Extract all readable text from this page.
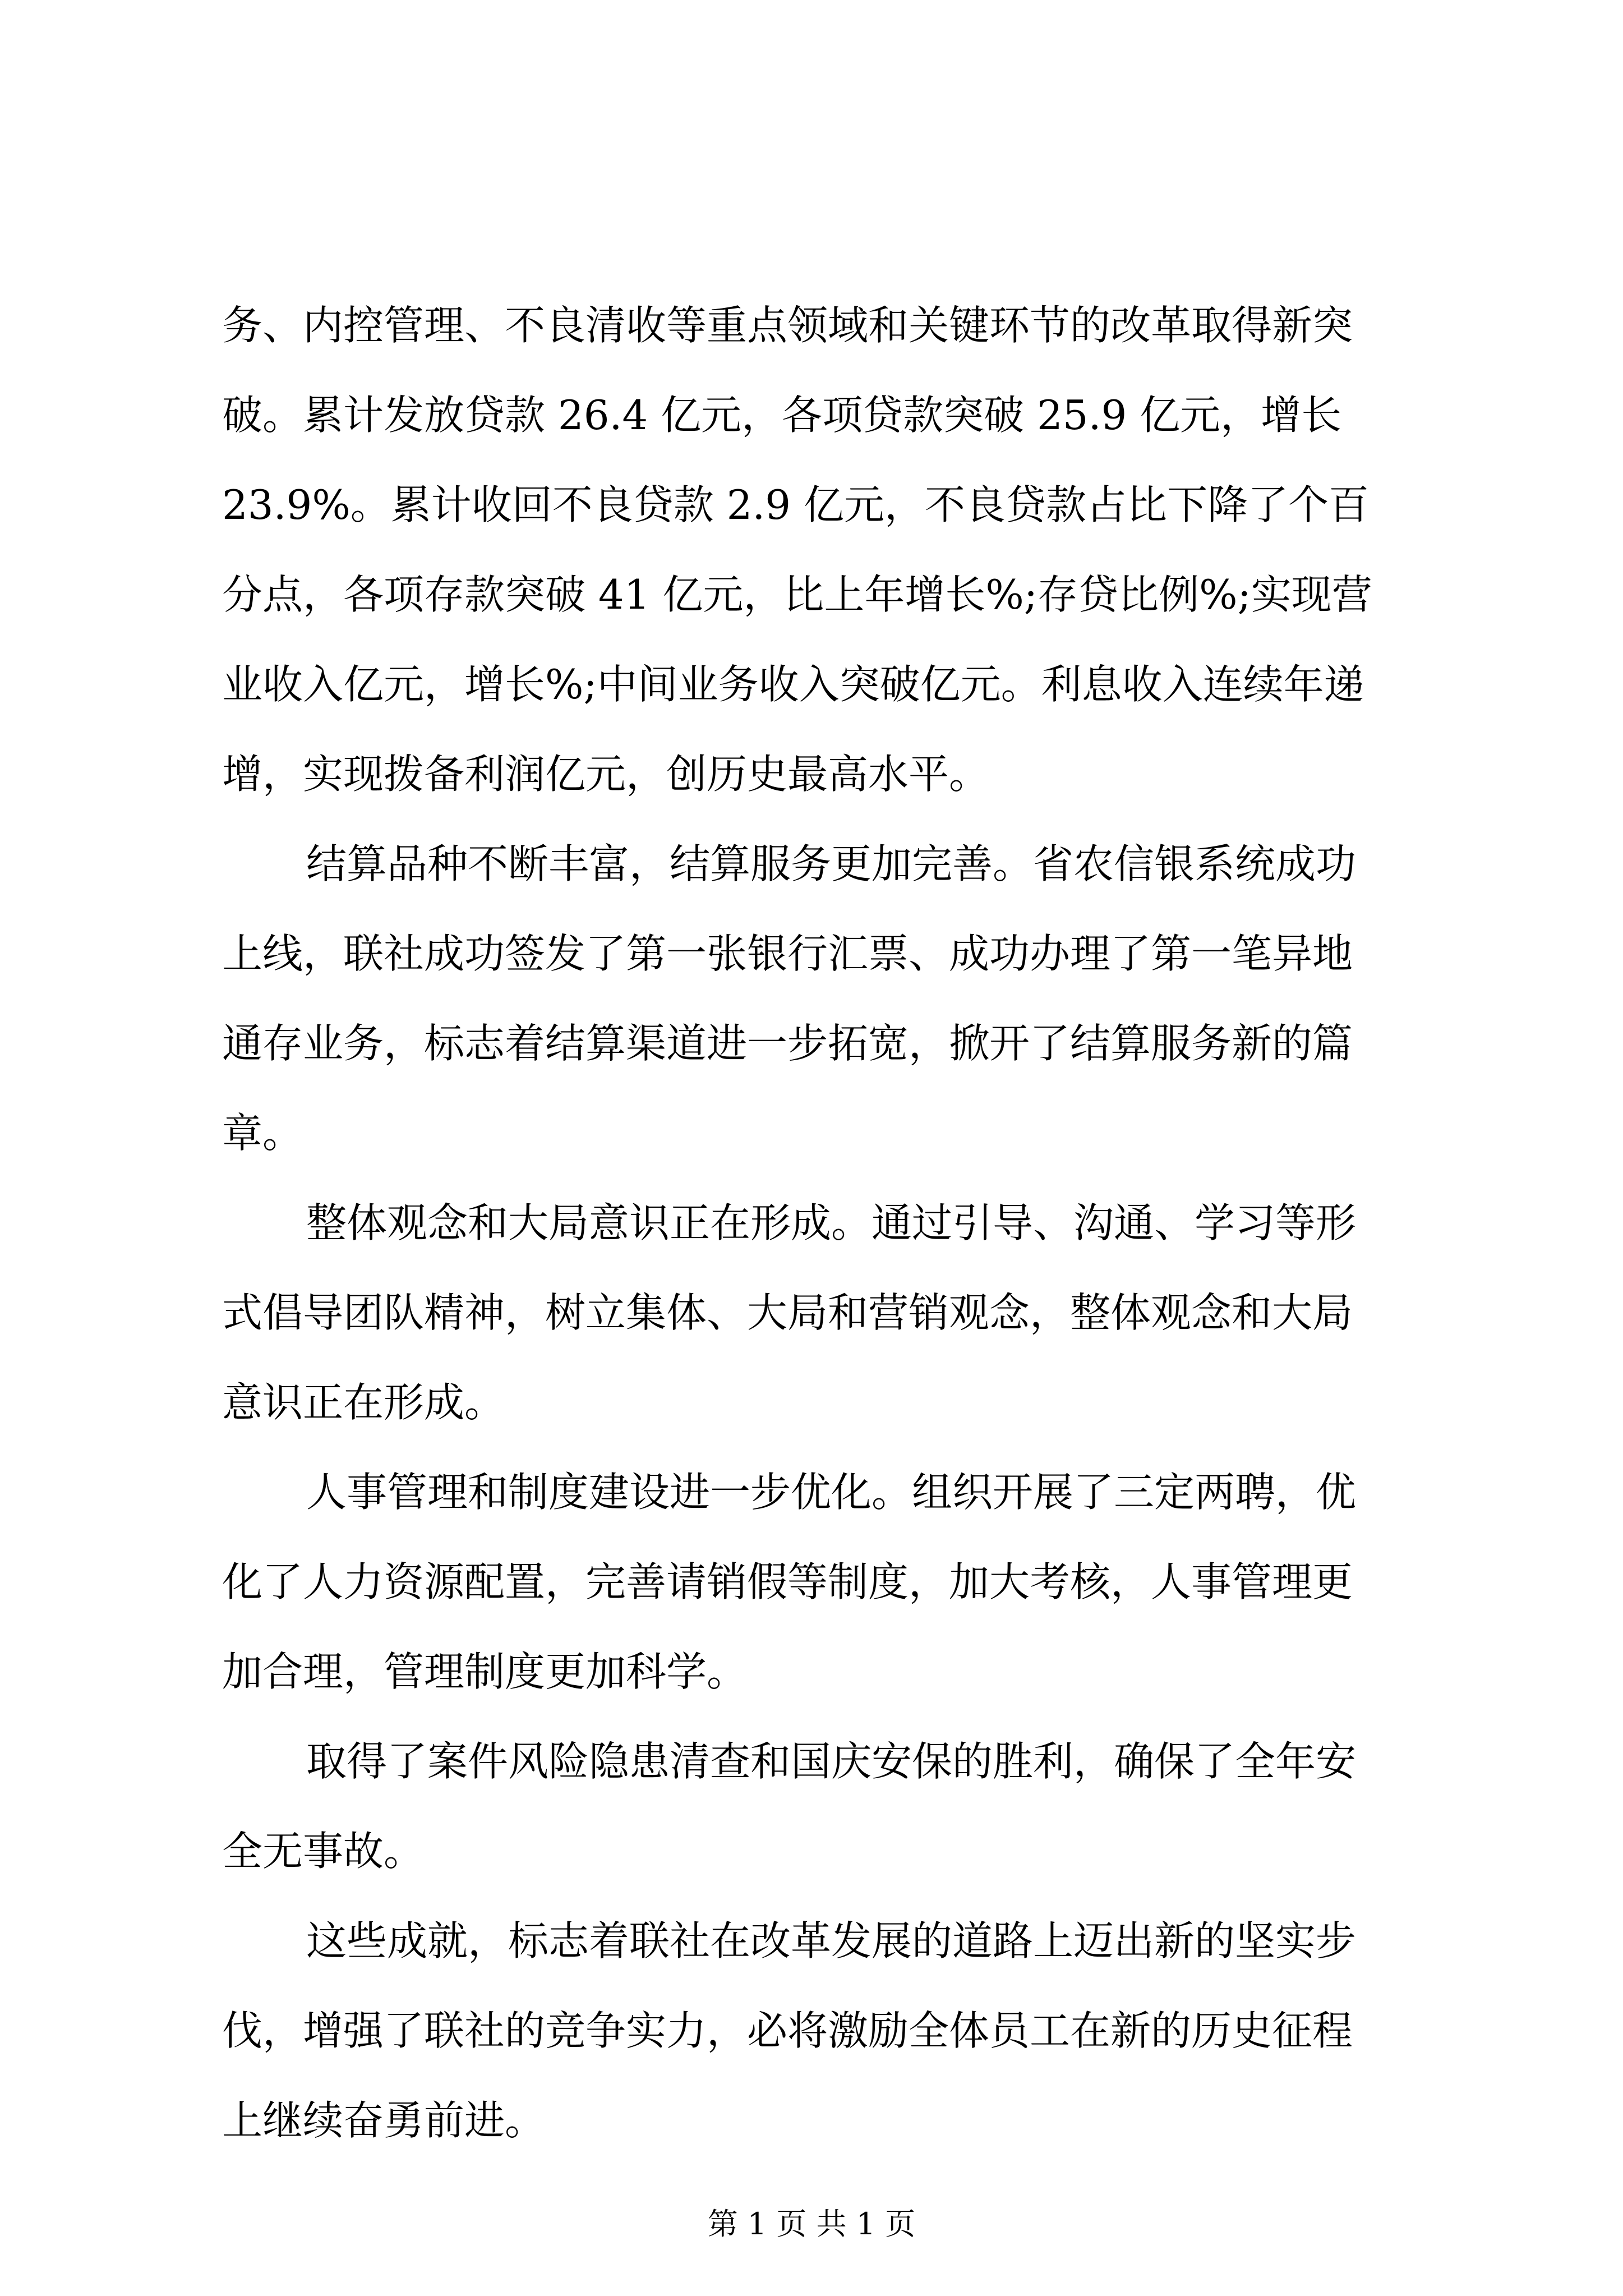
务、内控管理、不良清收等重点领域和关键环节的改革取得新突
破。累计发放贷款 26.4 亿元，各项贷款突破 25.9 亿元，增长
23.9%。累计收回不良贷款 2.9 亿元，不良贷款占比下降了个百
分点，各项存款突破 41 亿元，比上年增长%;存贷比例%;实现营
业收入亿元，增长%;中间业务收入突破亿元。利息收入连续年递
增，实现拨备利润亿元，创历史最高水平。
结算品种不断丰富，结算服务更加完善。省农信银系统成功
上线，联社成功签发了第一张银行汇票、成功办理了第一笔异地
通存业务，标志着结算渠道进一步拓宽，掀开了结算服务新的篇
章。
整体观念和大局意识正在形成。通过引导、沟通、学习等形
式倡导团队精神，树立集体、大局和营销观念，整体观念和大局
意识正在形成。
人事管理和制度建设进一步优化。组织开展了三定两聘，优
化了人力资源配置，完善请销假等制度，加大考核，人事管理更
加合理，管理制度更加科学。
取得了案件风险隐患清查和国庆安保的胜利，确保了全年安
全无事故。
这些成就，标志着联社在改革发展的道路上迈出新的坚实步
伐，增强了联社的竞争实力，必将激励全体员工在新的历史征程
上继续奋勇前进。
第 1 页 共 1 页
